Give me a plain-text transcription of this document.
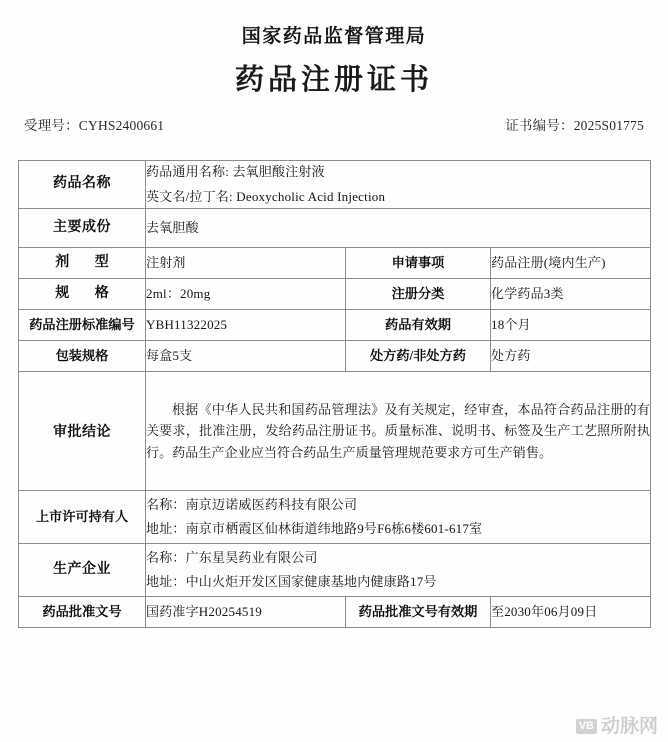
国家药品监督管理局
药品注册证书
受理号：CYHS2400661	证书编号：2025S01775
药品名称	药品通用名称: 去氧胆酸注射液
英文名/拉丁名: Deoxycholic Acid Injection		

主要成份	去氧胆酸		
剂 型	注射剂	申请事项	药品注册(境内生产)
规 格	2ml：20mg	注册分类	化学药品3类
药品注册标准编号	YBH11322025	药品有效期	18个月
包装规格	每盒5支	处方药/非处方药	处方药
审批结论	根据《中华人民共和国药品管理法》及有关规定，经审查，本品符合药品注册的有关要求，批准注册，发给药品注册证书。质量标准、说明书、标签及生产工艺照所附执行。药品生产企业应当符合药品生产质量管理规范要求方可生产销售。		
上市许可持有人	名称：南京迈诺威医药科技有限公司
地址：南京市栖霞区仙林街道纬地路9号F6栋6楼601-617室		

生产企业	名称：广东星昊药业有限公司
地址：中山火炬开发区国家健康基地内健康路17号		

药品批准文号	国药准字H20254519	药品批准文号有效期	至2030年06月09日
VB 动脉网
